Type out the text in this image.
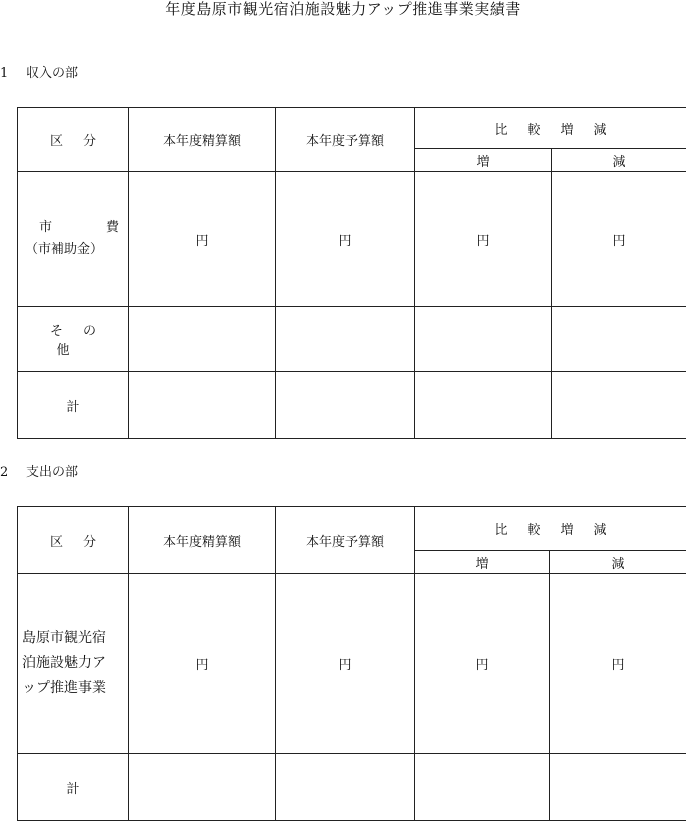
年度島原市観光宿泊施設魅力アップ推進事業実績書
1 収入の部
区分	本年度精算額	本年度予算額	比較増減	
			増	減

市 費
（市補助金）	円	円	円	円
その他				
計				
2 支出の部
区分	本年度精算額	本年度予算額	比較増減	
			増	減

島原市観光宿
泊施設魅力ア
ップ推進事業	円	円	円	円
計				
